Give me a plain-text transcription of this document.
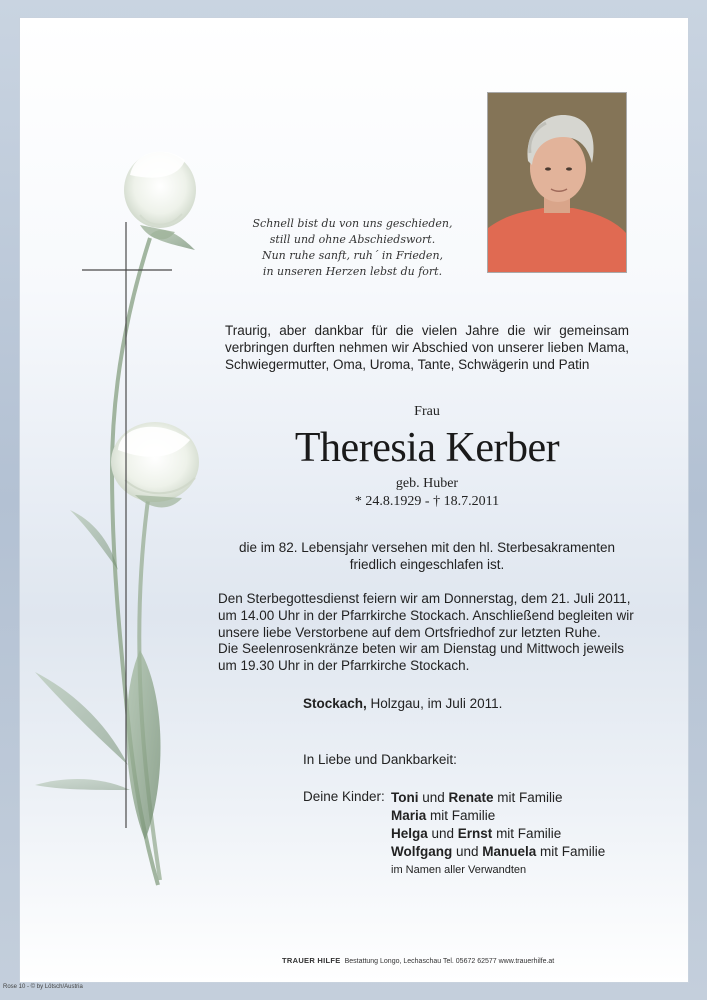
Schnell bist du von uns geschieden,
still und ohne Abschiedswort.
Nun ruhe sanft, ruh´ in Frieden,
in unseren Herzen lebst du fort.
Traurig, aber dankbar für die vielen Jahre die wir gemeinsam
verbringen durften nehmen wir Abschied von unserer lieben Mama,
Schwiegermutter, Oma, Uroma, Tante, Schwägerin und Patin
Frau
Theresia Kerber
geb. Huber
* 24.8.1929 - † 18.7.2011
die im 82. Lebensjahr versehen mit den hl. Sterbesakramenten
friedlich eingeschlafen ist.
Den Sterbegottesdienst feiern wir am Donnerstag, dem 21. Juli 2011,
um 14.00 Uhr in der Pfarrkirche Stockach. Anschließend begleiten wir
unsere liebe Verstorbene auf dem Ortsfriedhof zur letzten Ruhe.
Die Seelenrosenkränze beten wir am Dienstag und Mittwoch jeweils
um 19.30 Uhr in der Pfarrkirche Stockach.
Stockach, Holzgau, im Juli 2011.
In Liebe und Dankbarkeit:
Deine Kinder: Toni und Renate mit Familie
Maria mit Familie
Helga und Ernst mit Familie
Wolfgang und Manuela mit Familie
im Namen aller Verwandten
TRAUER HILFE Bestattung Longo, Lechaschau Tel. 05672 62577 www.trauerhilfe.at
Rose 10 - © by Lötsch/Austria
